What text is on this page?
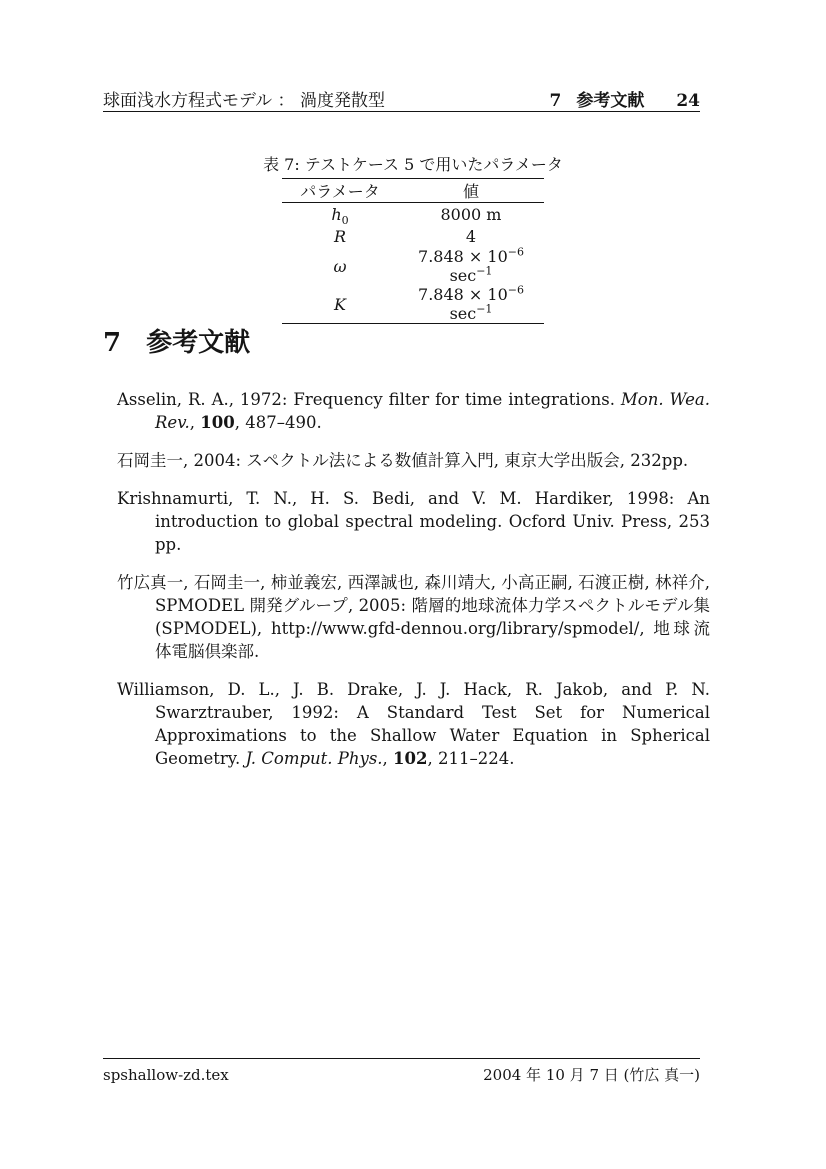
球面浅水方程式モデル ： 渦度発散型	7 参考文献 24
表 7: テストケース 5 で用いたパラメータ
パラメータ	値
$h_0$	8000 m
R	4
ω	$7.848 \times 10^{-6}$ $\sec^{-1}$
K	$7.848 \times 10^{-6}$ $\sec^{-1}$
7 参考文献

Asselin, R. A., 1972: Frequency filter for time integrations. Mon. Wea. Rev., 100, 487–490.

石岡圭一, 2004: スペクトル法による数値計算入門, 東京大学出版会, 232pp.

Krishnamurti, T. N., H. S. Bedi, and V. M. Hardiker, 1998: An introduction to global spectral modeling. Ocford Univ. Press, 253 pp.

竹広真一, 石岡圭一, 柿並義宏, 西澤誠也, 森川靖大, 小高正嗣, 石渡正樹, 林祥介, SPMODEL 開発グループ, 2005: 階層的地球流体力学スペクトルモデル集 (SPMODEL), http://www.gfd-dennou.org/library/spmodel/, 地球流体電脳倶楽部.

Williamson, D. L., J. B. Drake, J. J. Hack, R. Jakob, and P. N. Swarztrauber, 1992: A Standard Test Set for Numerical Approximations to the Shallow Water Equation in Spherical Geometry. J. Comput. Phys., 102, 211–224.

spshallow-zd.tex	2004 年 10 月 7 日 (竹広 真一)
